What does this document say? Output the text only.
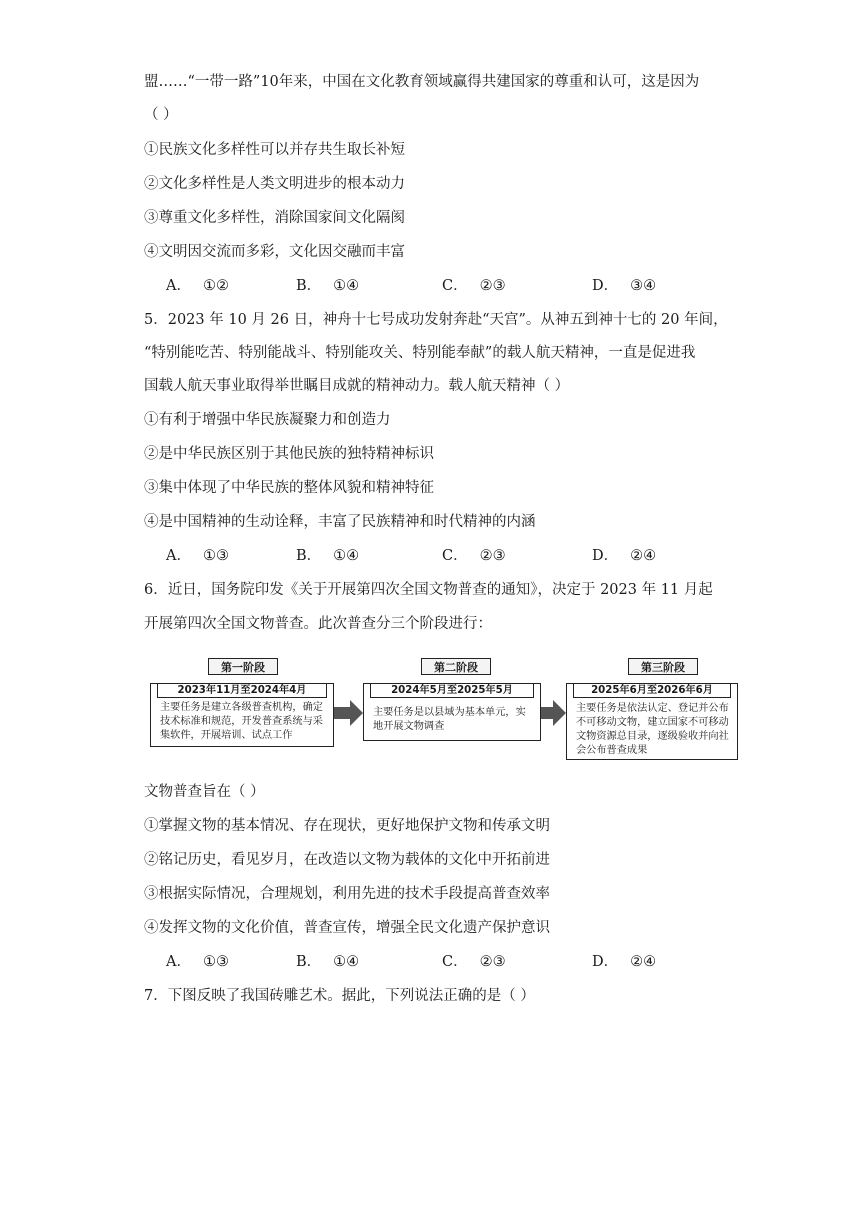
盟……“一带一路”10年来，中国在文化教育领域赢得共建国家的尊重和认可，这是因为
（ ）
①民族文化多样性可以并存共生取长补短
②文化多样性是人类文明进步的根本动力
③尊重文化多样性，消除国家间文化隔阂
④文明因交流而多彩，文化因交融而丰富
A． ①②	B． ①④	C． ②③	D． ③④
5．2023 年 10 月 26 日，神舟十七号成功发射奔赴“天宫”。从神五到神十七的 20 年间，
“特别能吃苦、特别能战斗、特别能攻关、特别能奉献”的载人航天精神，一直是促进我
国载人航天事业取得举世瞩目成就的精神动力。载人航天精神（ ）
①有利于增强中华民族凝聚力和创造力
②是中华民族区别于其他民族的独特精神标识
③集中体现了中华民族的整体风貌和精神特征
④是中国精神的生动诠释，丰富了民族精神和时代精神的内涵
A． ①③	B． ①④	C． ②③	D． ②④
6．近日，国务院印发《关于开展第四次全国文物普查的通知》，决定于 2023 年 11 月起
开展第四次全国文物普查。此次普查分三个阶段进行：
第一阶段
2023年11月至2024年4月
主要任务是建立各级普查机构，确定技术标准和规范，开发普查系统与采集软件，开展培训、试点工作
第二阶段
2024年5月至2025年5月
主要任务是以县域为基本单元，实地开展文物调查
第三阶段
2025年6月至2026年6月
主要任务是依法认定、登记并公布不可移动文物，建立国家不可移动文物资源总目录，逐级验收并向社会公布普查成果
文物普查旨在（ ）
①掌握文物的基本情况、存在现状，更好地保护文物和传承文明
②铭记历史，看见岁月，在改造以文物为载体的文化中开拓前进
③根据实际情况，合理规划，利用先进的技术手段提高普查效率
④发挥文物的文化价值，普查宣传，增强全民文化遗产保护意识
A． ①③	B． ①④	C． ②③	D． ②④
7．下图反映了我国砖雕艺术。据此，下列说法正确的是（ ）
